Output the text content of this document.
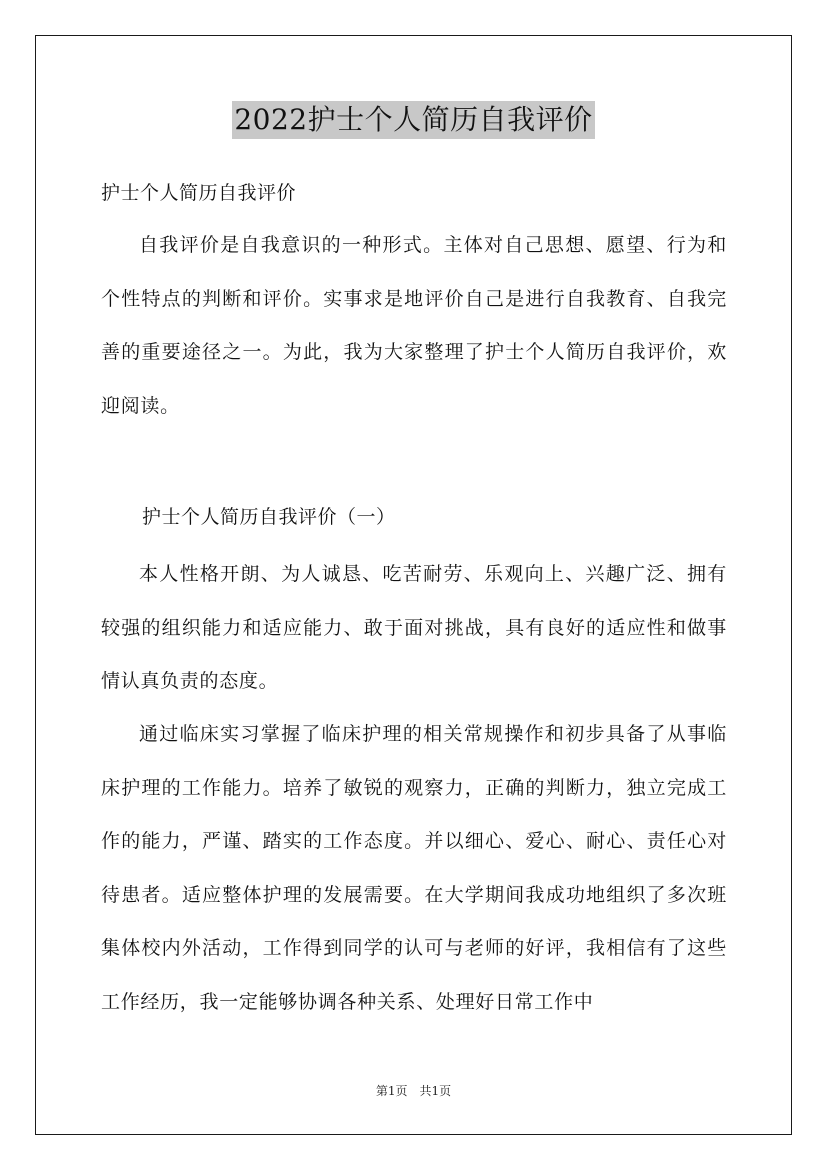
2022护士个人简历自我评价
护士个人简历自我评价

自我评价是自我意识的一种形式。主体对自己思想、愿望、行为和个性特点的判断和评价。实事求是地评价自己是进行自我教育、自我完善的重要途径之一。为此，我为大家整理了护士个人简历自我评价，欢迎阅读。

护士个人简历自我评价（一）

本人性格开朗、为人诚恳、吃苦耐劳、乐观向上、兴趣广泛、拥有较强的组织能力和适应能力、敢于面对挑战，具有良好的适应性和做事情认真负责的态度。

通过临床实习掌握了临床护理的相关常规操作和初步具备了从事临床护理的工作能力。培养了敏锐的观察力，正确的判断力，独立完成工作的能力，严谨、踏实的工作态度。并以细心、爱心、耐心、责任心对待患者。适应整体护理的发展需要。在大学期间我成功地组织了多次班集体校内外活动，工作得到同学的认可与老师的好评，我相信有了这些工作经历，我一定能够协调各种关系、处理好日常工作中

第1页　共1页
